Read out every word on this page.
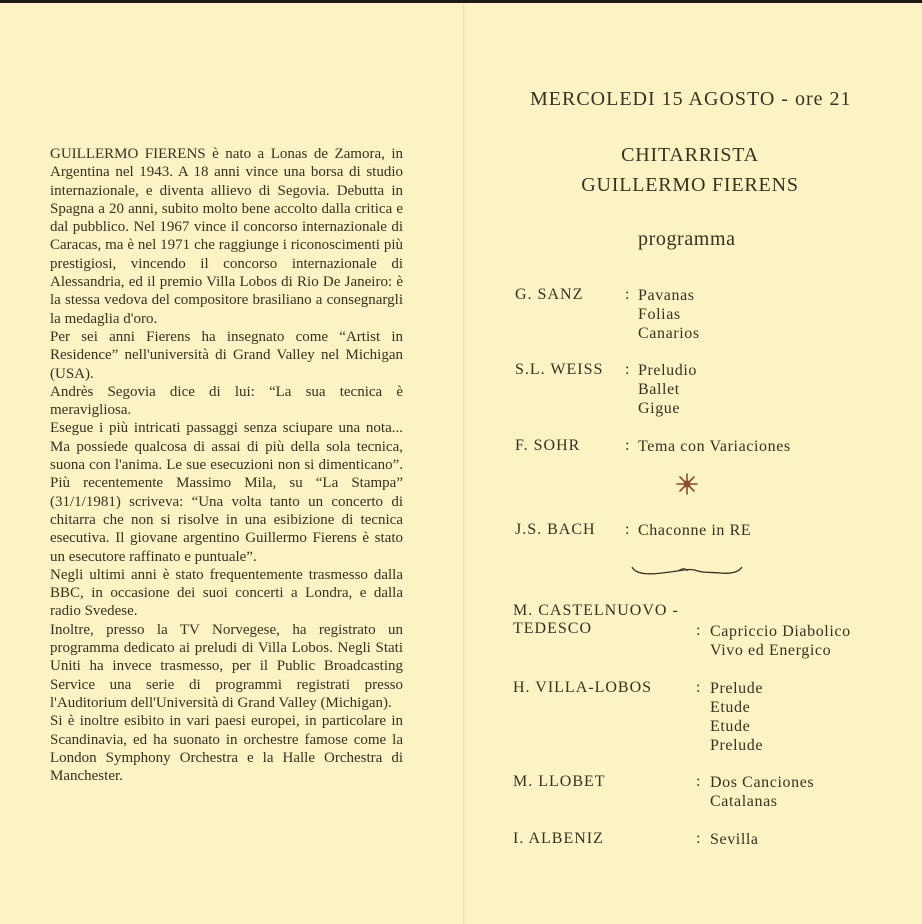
GUILLERMO FIERENS è nato a Lonas de Zamora, in Argentina nel 1943. A 18 anni vince una borsa di studio internazionale, e diventa allievo di Segovia. Debutta in Spagna a 20 anni, subito molto bene accolto dalla critica e dal pubblico. Nel 1967 vince il concorso internazionale di Caracas, ma è nel 1971 che raggiunge i riconoscimenti più prestigiosi, vincendo il concorso internazionale di Alessandria, ed il premio Villa Lobos di Rio De Janeiro: è la stessa vedova del compositore brasiliano a consegnargli la medaglia d'oro.

Per sei anni Fierens ha insegnato come “Artist in Residence” nell'università di Grand Valley nel Michigan (USA).

Andrès Segovia dice di lui: “La sua tecnica è meravigliosa.

Esegue i più intricati passaggi senza sciupare una nota... Ma possiede qualcosa di assai di più della sola tecnica, suona con l'anima. Le sue esecuzioni non si dimenticano”. Più recentemente Massimo Mila, su “La Stampa” (31/1/1981) scriveva: “Una volta tanto un concerto di chitarra che non si risolve in una esibizione di tecnica esecutiva. Il giovane argentino Guillermo Fierens è stato un esecutore raffinato e puntuale”.

Negli ultimi anni è stato frequentemente trasmesso dalla BBC, in occasione dei suoi concerti a Londra, e dalla radio Svedese.

Inoltre, presso la TV Norvegese, ha registrato un programma dedicato ai preludi di Villa Lobos. Negli Stati Uniti ha invece trasmesso, per il Public Broadcasting Service una serie di programmi registrati presso l'Auditorium dell'Università di Grand Valley (Michigan).

Si è inoltre esibito in vari paesi europei, in particolare in Scandinavia, ed ha suonato in orchestre famose come la London Symphony Orchestra e la Halle Orchestra di Manchester.

MERCOLEDI 15 AGOSTO - ore 21
CHITARRISTA
GUILLERMO FIERENS
programma
G. SANZ	: Pavanas
Folias
Canarios
S.L. WEISS : Preludio
Ballet
Gigue
F. SOHR	: Tema con Variaciones
J.S. BACH : Chaconne in RE
M. CASTELNUOVO -
TEDESCO	: Capriccio Diabolico
Vivo ed Energico
H. VILLA-LOBOS	: Prelude
Etude
Etude
Prelude
M. LLOBET	: Dos Canciones
Catalanas
I. ALBENIZ	: Sevilla
